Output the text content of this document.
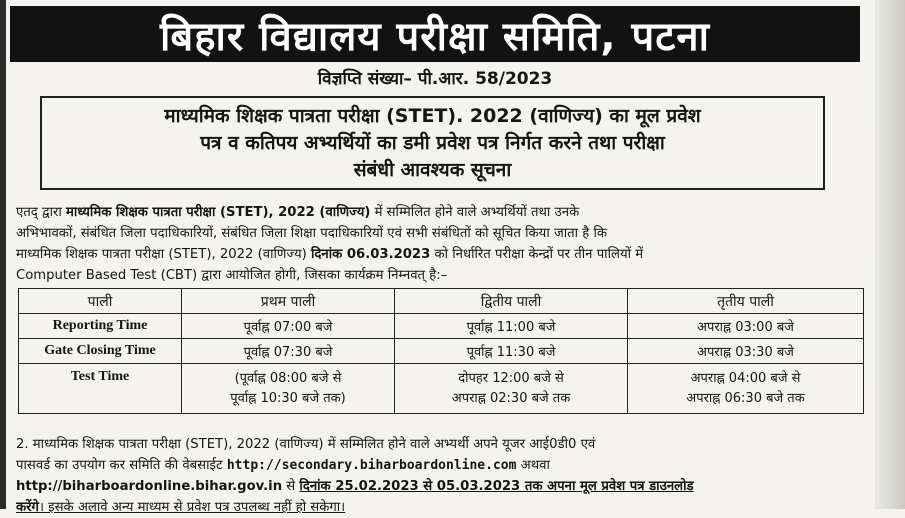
बिहार विद्यालय परीक्षा समिति, पटना
विज्ञप्ति संख्या– पी.आर. 58/2023
माध्यमिक शिक्षक पात्रता परीक्षा (STET). 2022 (वाणिज्य) का मूल प्रवेश
पत्र व कतिपय अभ्यर्थियों का डमी प्रवेश पत्र निर्गत करने तथा परीक्षा
संबंधी आवश्यक सूचना
एतद् द्वारा माध्यमिक शिक्षक पात्रता परीक्षा (STET), 2022 (वाणिज्य) में सम्मिलित होने वाले अभ्यर्थियों तथा उनके
अभिभावकों, संबंधित जिला पदाधिकारियों, संबंधित जिला शिक्षा पदाधिकारियों एवं सभी संबंधितों को सूचित किया जाता है कि
माध्यमिक शिक्षक पात्रता परीक्षा (STET), 2022 (वाणिज्य) दिनांक 06.03.2023 को निर्धारित परीक्षा केन्द्रों पर तीन पालियों में
Computer Based Test (CBT) द्वारा आयोजित होगी, जिसका कार्यक्रम निम्नवत् है:–
पाली	प्रथम पाली	द्वितीय पाली	तृतीय पाली
Reporting Time	पूर्वाह्न 07:00 बजे	पूर्वाह्न 11:00 बजे	अपराह्न 03:00 बजे
Gate Closing Time	पूर्वाह्न 07:30 बजे	पूर्वाह्न 11:30 बजे	अपराह्न 03:30 बजे
Test Time	(पूर्वाह्न 08:00 बजे से
पूर्वाह्न 10:30 बजे तक)	दोपहर 12:00 बजे से
अपराह्न 02:30 बजे तक	अपराह्न 04:00 बजे से
अपराह्न 06:30 बजे तक
2. माध्यमिक शिक्षक पात्रता परीक्षा (STET), 2022 (वाणिज्य) में सम्मिलित होने वाले अभ्यर्थी अपने यूजर आई0डी0 एवं
पासवर्ड का उपयोग कर समिति की वेबसाईट http://secondary.biharboardonline.com अथवा
http://biharboardonline.bihar.gov.in से दिनांक 25.02.2023 से 05.03.2023 तक अपना मूल प्रवेश पत्र डाउनलोड
करेंगे। इसके अलावे अन्य माध्यम से प्रवेश पत्र उपलब्ध नहीं हो सकेगा।
